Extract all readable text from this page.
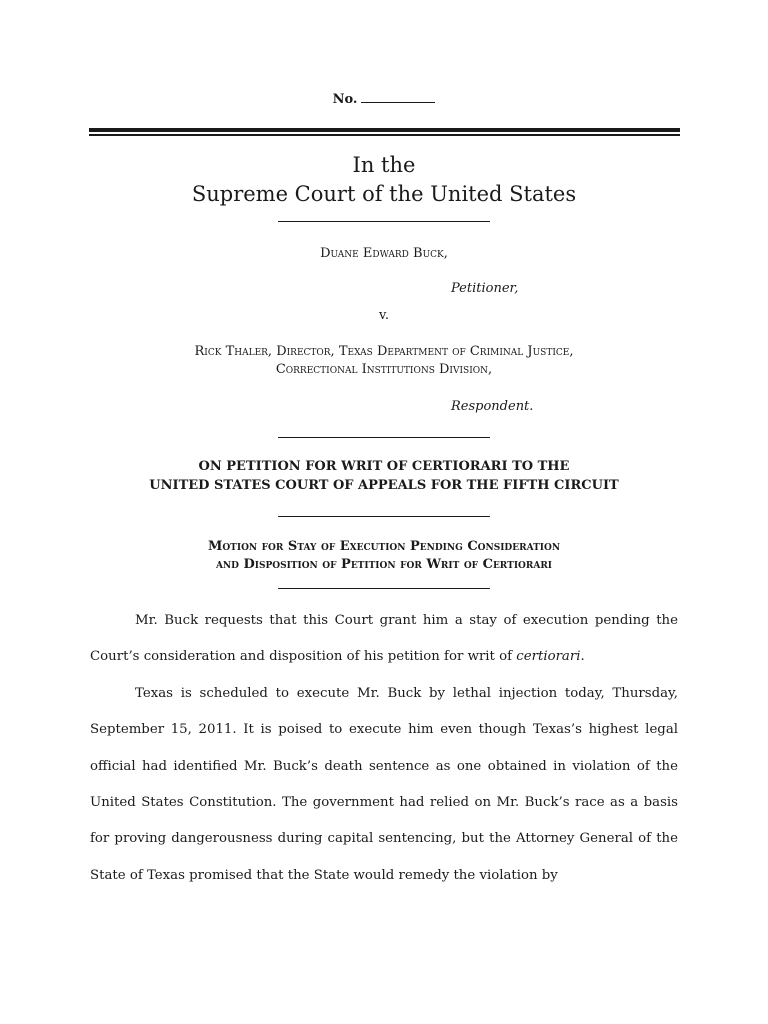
No.
In the
Supreme Court of the United States
Duane Edward Buck,
Petitioner,
v.
Rick Thaler, Director, Texas Department of Criminal Justice,
Correctional Institutions Division,
Respondent.
ON PETITION FOR WRIT OF CERTIORARI TO THE
UNITED STATES COURT OF APPEALS FOR THE FIFTH CIRCUIT
Motion for Stay of Execution Pending Consideration
and Disposition of Petition for Writ of Certiorari

Mr. Buck requests that this Court grant him a stay of execution pending the Court’s consideration and disposition of his petition for writ of certiorari.

Texas is scheduled to execute Mr. Buck by lethal injection today, Thursday, September 15, 2011. It is poised to execute him even though Texas’s highest legal official had identified Mr. Buck’s death sentence as one obtained in violation of the United States Constitution. The government had relied on Mr. Buck’s race as a basis for proving dangerousness during capital sentencing, but the Attorney General of the State of Texas promised that the State would remedy the violation by
